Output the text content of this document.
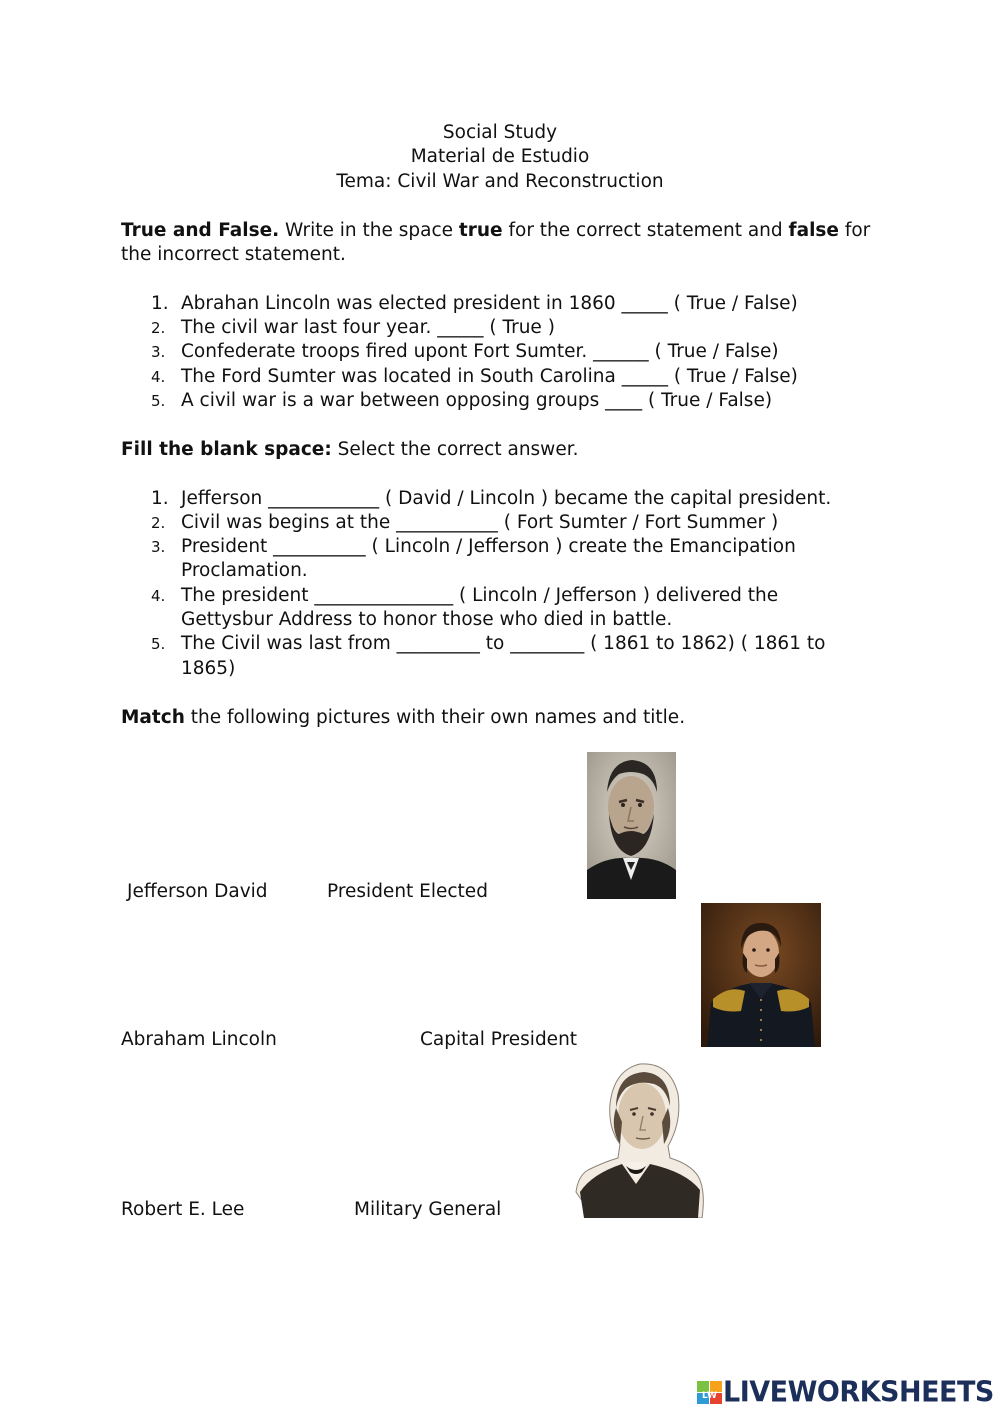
Social Study
Material de Estudio
Tema: Civil War and Reconstruction
True and False. Write in the space true for the correct statement and false for
the incorrect statement.
1. Abrahan Lincoln was elected president in 1860 _____ ( True / False)
2. The civil war last four year. _____ ( True )
3. Confederate troops fired upont Fort Sumter. ______ ( True / False)
4. The Ford Sumter was located in South Carolina _____ ( True / False)
5. A civil war is a war between opposing groups ____ ( True / False)
Fill the blank space: Select the correct answer.
1. Jefferson ____________ ( David / Lincoln ) became the capital president.
2. Civil was begins at the ___________ ( Fort Sumter / Fort Summer )
3. President __________ ( Lincoln / Jefferson ) create the Emancipation
Proclamation.
4. The president _______________ ( Lincoln / Jefferson ) delivered the
Gettysbur Address to honor those who died in battle.
5. The Civil was last from _________ to ________ ( 1861 to 1862) ( 1861 to
1865)
Match the following pictures with their own names and title.
Jefferson David	President Elected
Abraham Lincoln	Capital President
Robert E. Lee	Military General
LW LIVEWORKSHEETS
